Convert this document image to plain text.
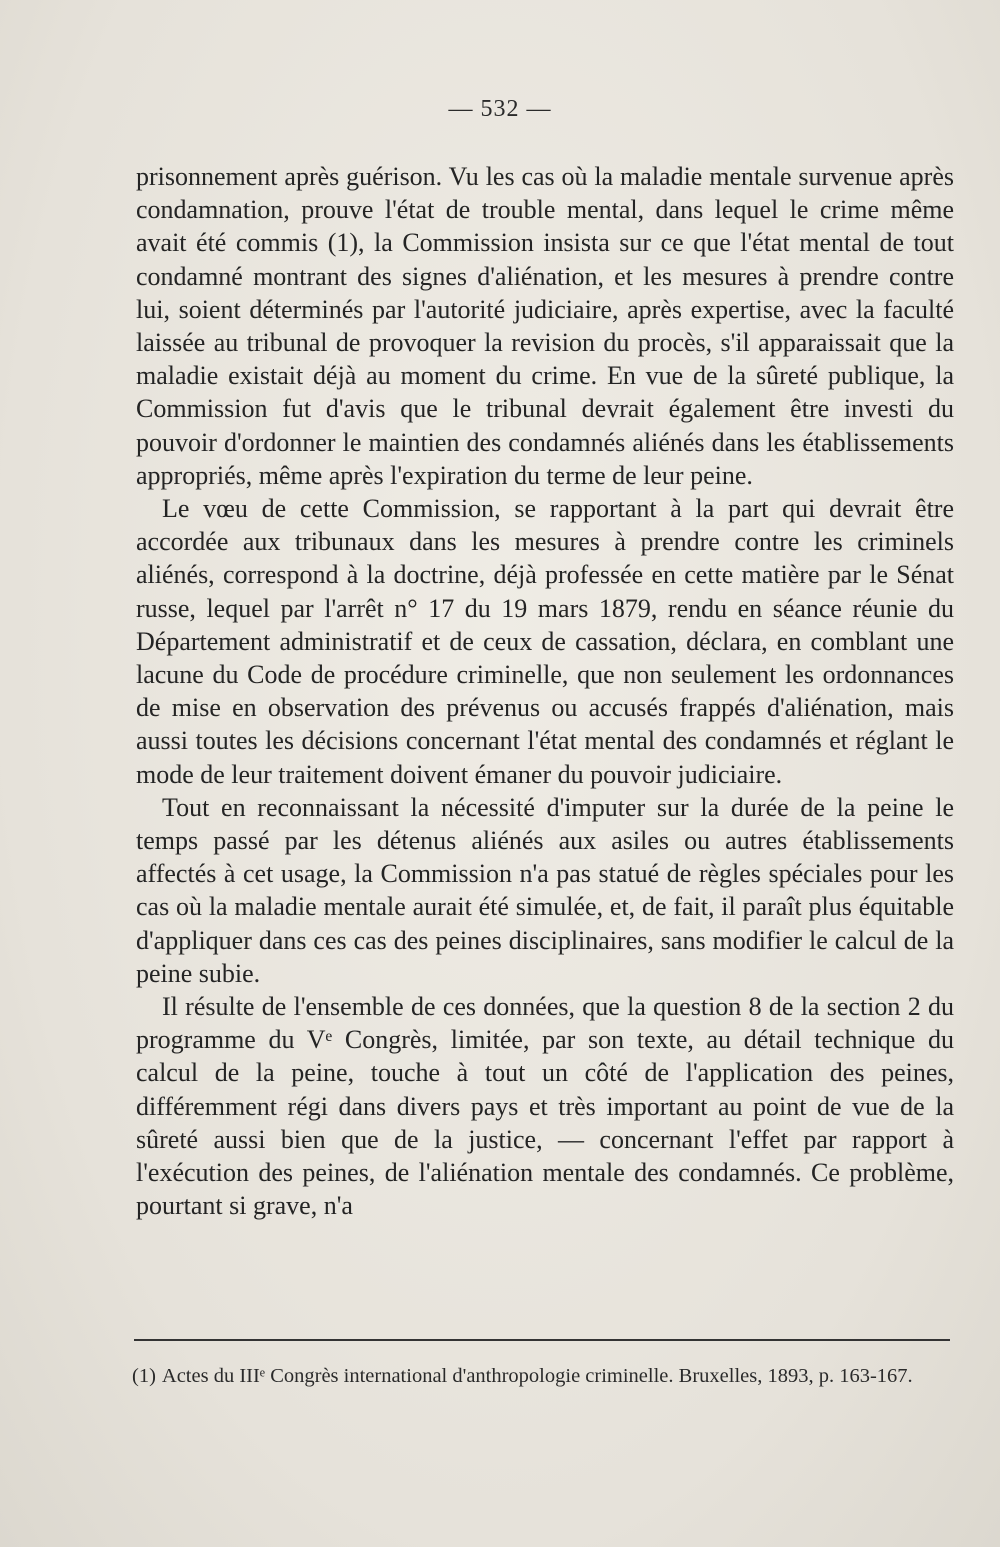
— 532 —

prisonnement après guérison. Vu les cas où la maladie mentale survenue après condamnation, prouve l'état de trouble mental, dans lequel le crime même avait été commis (1), la Commission insista sur ce que l'état mental de tout condamné montrant des signes d'aliénation, et les mesures à prendre contre lui, soient déterminés par l'autorité judiciaire, après expertise, avec la faculté laissée au tribunal de provoquer la revision du procès, s'il apparaissait que la maladie existait déjà au moment du crime. En vue de la sûreté publique, la Commission fut d'avis que le tribunal devrait également être investi du pouvoir d'ordonner le maintien des condamnés aliénés dans les établissements appropriés, même après l'expiration du terme de leur peine.

Le vœu de cette Commission, se rapportant à la part qui devrait être accordée aux tribunaux dans les mesures à prendre contre les criminels aliénés, correspond à la doctrine, déjà professée en cette matière par le Sénat russe, lequel par l'arrêt n° 17 du 19 mars 1879, rendu en séance réunie du Département administratif et de ceux de cassation, déclara, en comblant une lacune du Code de procédure criminelle, que non seulement les ordonnances de mise en observation des prévenus ou accusés frappés d'aliénation, mais aussi toutes les décisions concernant l'état mental des condamnés et réglant le mode de leur traitement doivent émaner du pouvoir judiciaire.

Tout en reconnaissant la nécessité d'imputer sur la durée de la peine le temps passé par les détenus aliénés aux asiles ou autres établissements affectés à cet usage, la Commission n'a pas statué de règles spéciales pour les cas où la maladie mentale aurait été simulée, et, de fait, il paraît plus équitable d'appliquer dans ces cas des peines disciplinaires, sans modifier le calcul de la peine subie.

Il résulte de l'ensemble de ces données, que la question 8 de la section 2 du programme du Vᵉ Congrès, limitée, par son texte, au détail technique du calcul de la peine, touche à tout un côté de l'application des peines, différemment régi dans divers pays et très important au point de vue de la sûreté aussi bien que de la justice, — concernant l'effet par rapport à l'exécution des peines, de l'aliénation mentale des condamnés. Ce problème, pourtant si grave, n'a

(1) Actes du IIIᵉ Congrès international d'anthropologie criminelle. Bruxelles, 1893, p. 163-167.
